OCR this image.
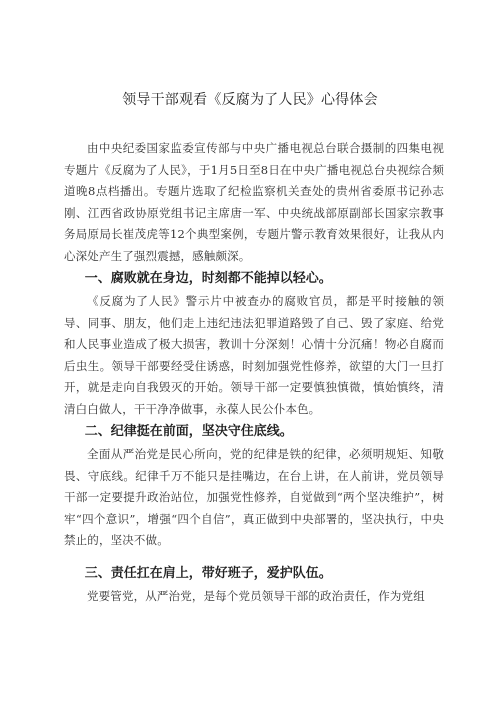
领导干部观看《反腐为了人民》心得体会

由中央纪委国家监委宣传部与中央广播电视总台联合摄制的四集电视专题片《反腐为了人民》，于1月5日至8日在中央广播电视总台央视综合频道晚8点档播出。专题片选取了纪检监察机关查处的贵州省委原书记孙志刚、江西省政协原党组书记主席唐一军、中央统战部原副部长国家宗教事务局原局长崔茂虎等12个典型案例，专题片警示教育效果很好，让我从内心深处产生了强烈震撼，感触颇深。

一、腐败就在身边，时刻都不能掉以轻心。

《反腐为了人民》警示片中被查办的腐败官员，都是平时接触的领导、同事、朋友，他们走上违纪违法犯罪道路毁了自己、毁了家庭、给党和人民事业造成了极大损害，教训十分深刻！心情十分沉痛！物必自腐而后虫生。领导干部要经受住诱惑，时刻加强党性修养，欲望的大门一旦打开，就是走向自我毁灭的开始。领导干部一定要慎独慎微，慎始慎终，清清白白做人，干干净净做事，永葆人民公仆本色。

二、纪律挺在前面，坚决守住底线。

全面从严治党是民心所向，党的纪律是铁的纪律，必须明规矩、知敬畏、守底线。纪律千万不能只是挂嘴边，在台上讲，在人前讲，党员领导干部一定要提升政治站位，加强党性修养，自觉做到“两个坚决维护”，树牢“四个意识”，增强“四个自信”，真正做到中央部署的，坚决执行，中央禁止的，坚决不做。

三、责任扛在肩上，带好班子，爱护队伍。

党要管党，从严治党，是每个党员领导干部的政治责任，作为党组
